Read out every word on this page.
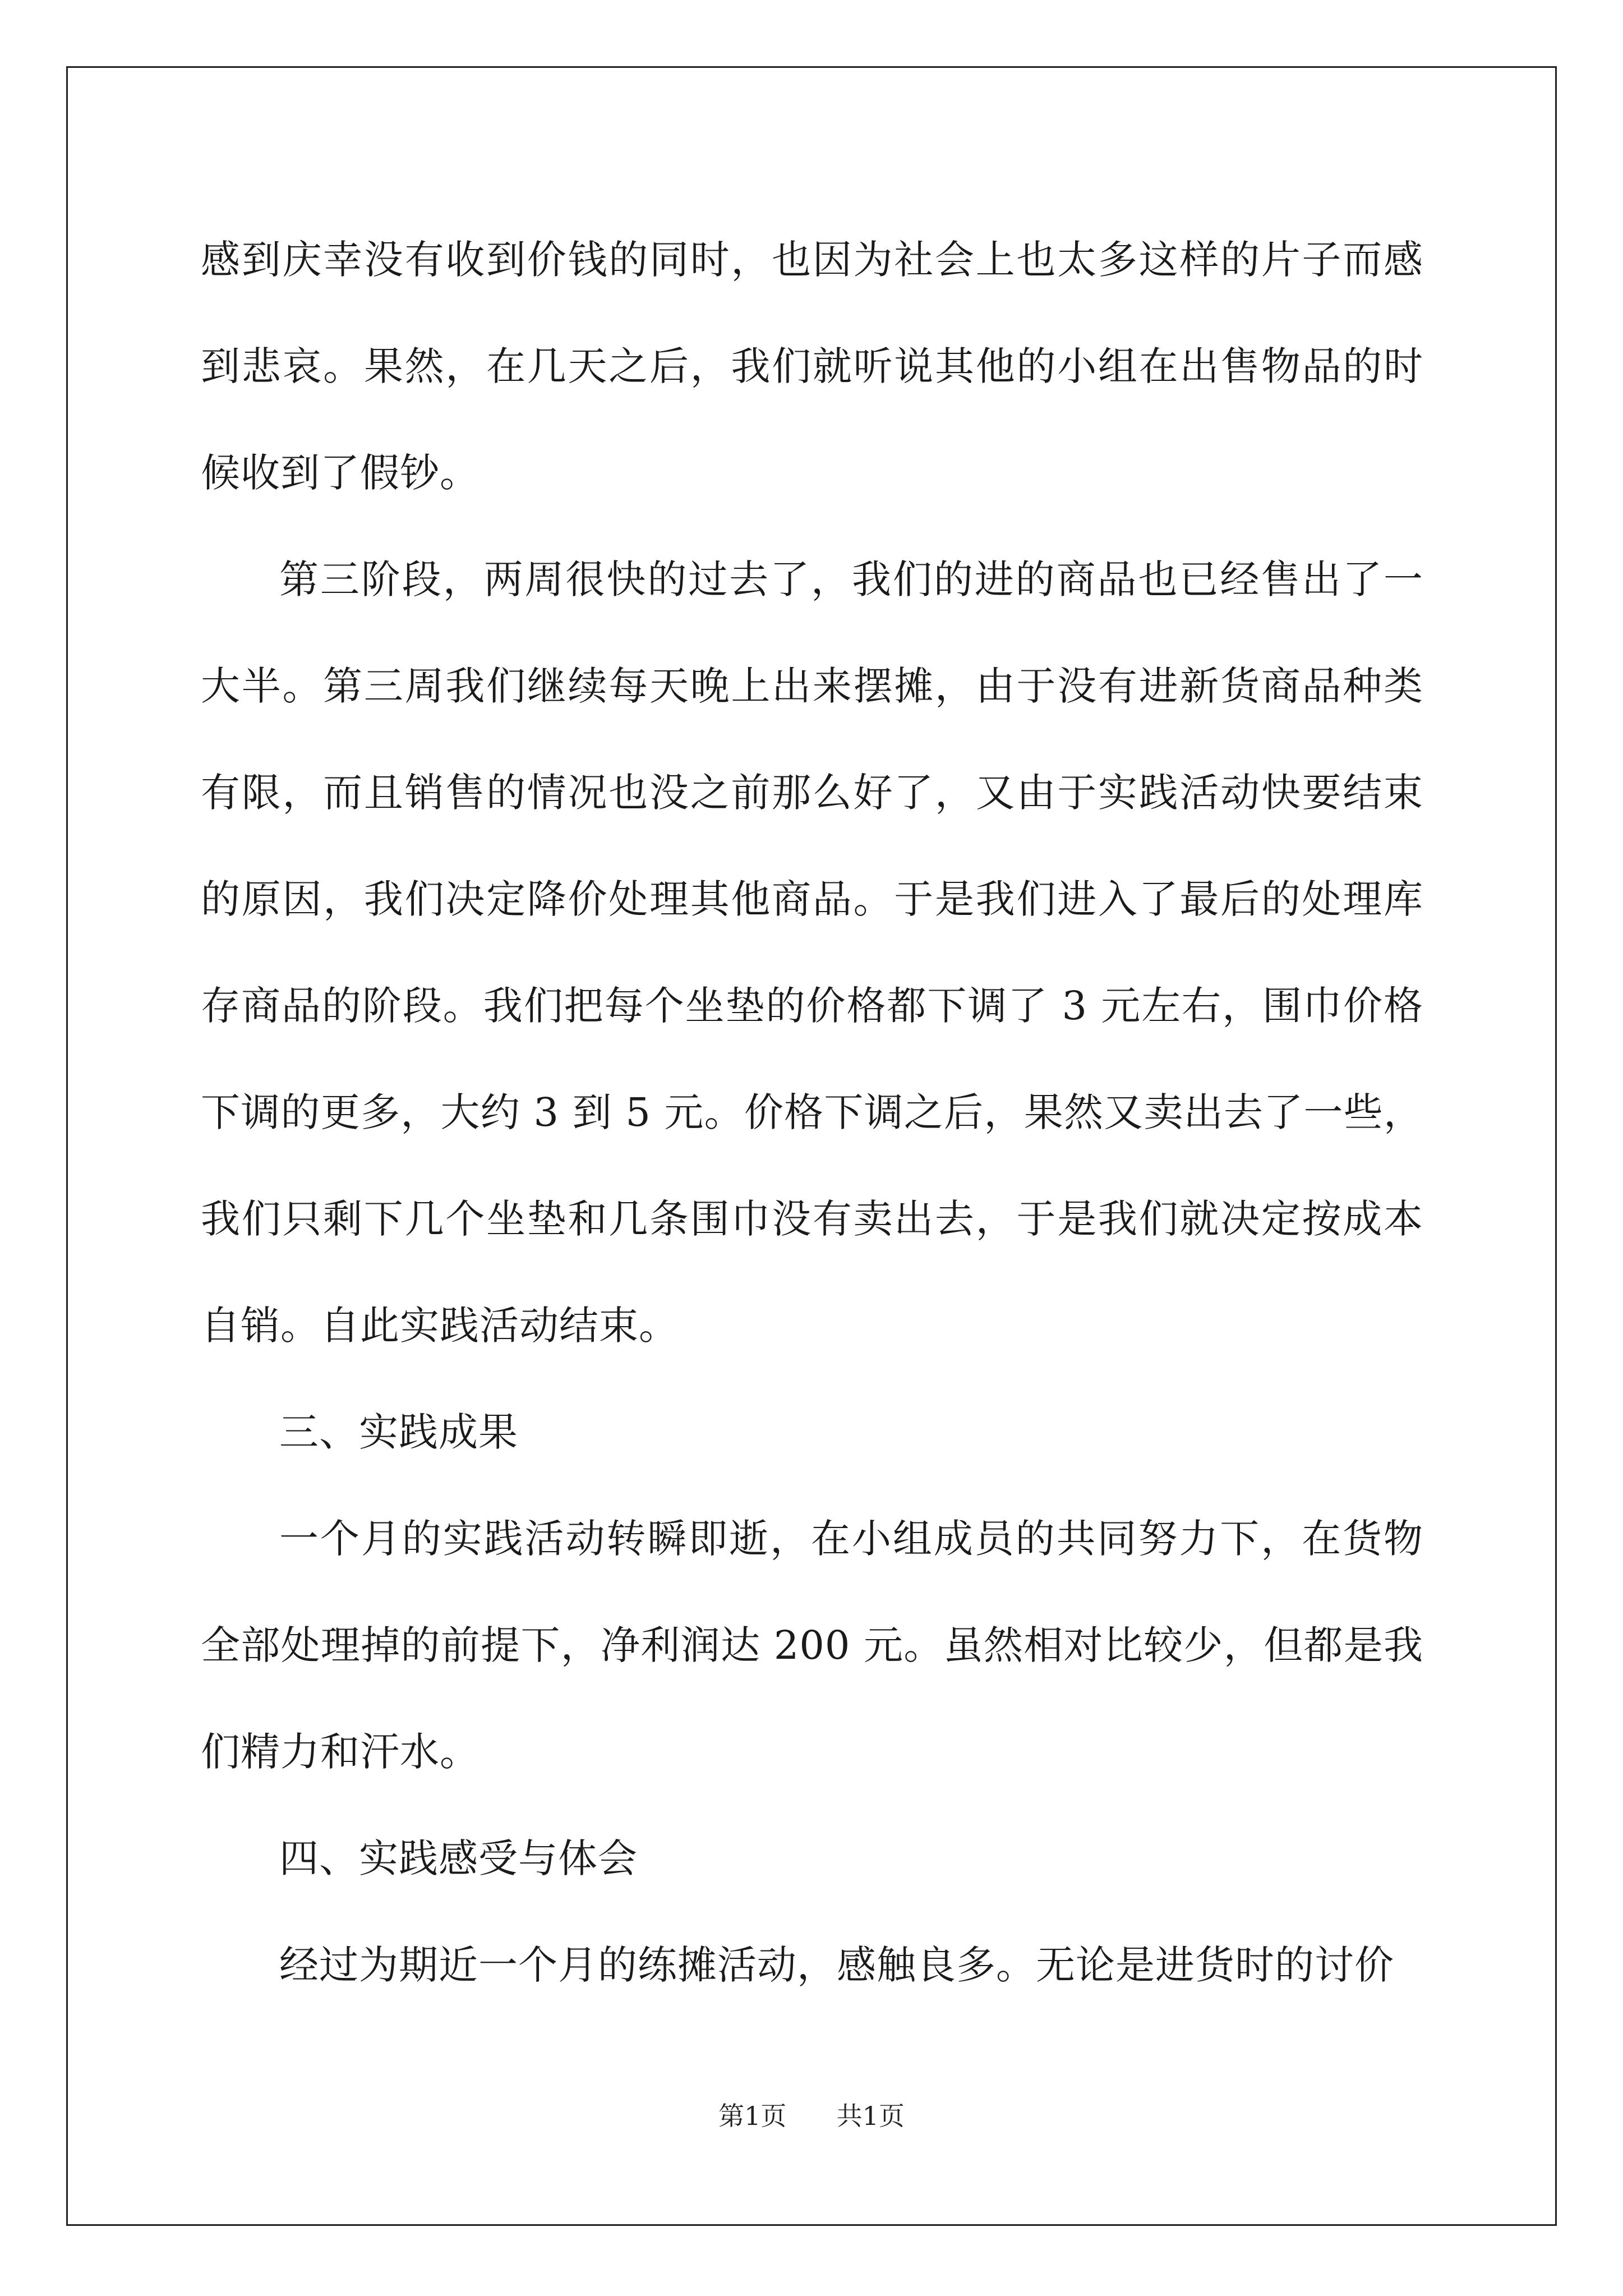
感到庆幸没有收到价钱的同时，也因为社会上也太多这样的片子而感到悲哀。果然，在几天之后，我们就听说其他的小组在出售物品的时候收到了假钞。

第三阶段，两周很快的过去了，我们的进的商品也已经售出了一大半。第三周我们继续每天晚上出来摆摊，由于没有进新货商品种类有限，而且销售的情况也没之前那么好了，又由于实践活动快要结束的原因，我们决定降价处理其他商品。于是我们进入了最后的处理库存商品的阶段。我们把每个坐垫的价格都下调了 3 元左右，围巾价格下调的更多，大约 3 到 5 元。价格下调之后，果然又卖出去了一些，我们只剩下几个坐垫和几条围巾没有卖出去，于是我们就决定按成本自销。自此实践活动结束。

三、实践成果

一个月的实践活动转瞬即逝，在小组成员的共同努力下，在货物全部处理掉的前提下，净利润达 200 元。虽然相对比较少，但都是我们精力和汗水。

四、实践感受与体会

经过为期近一个月的练摊活动，感触良多。无论是进货时的讨价

第1页 共1页
